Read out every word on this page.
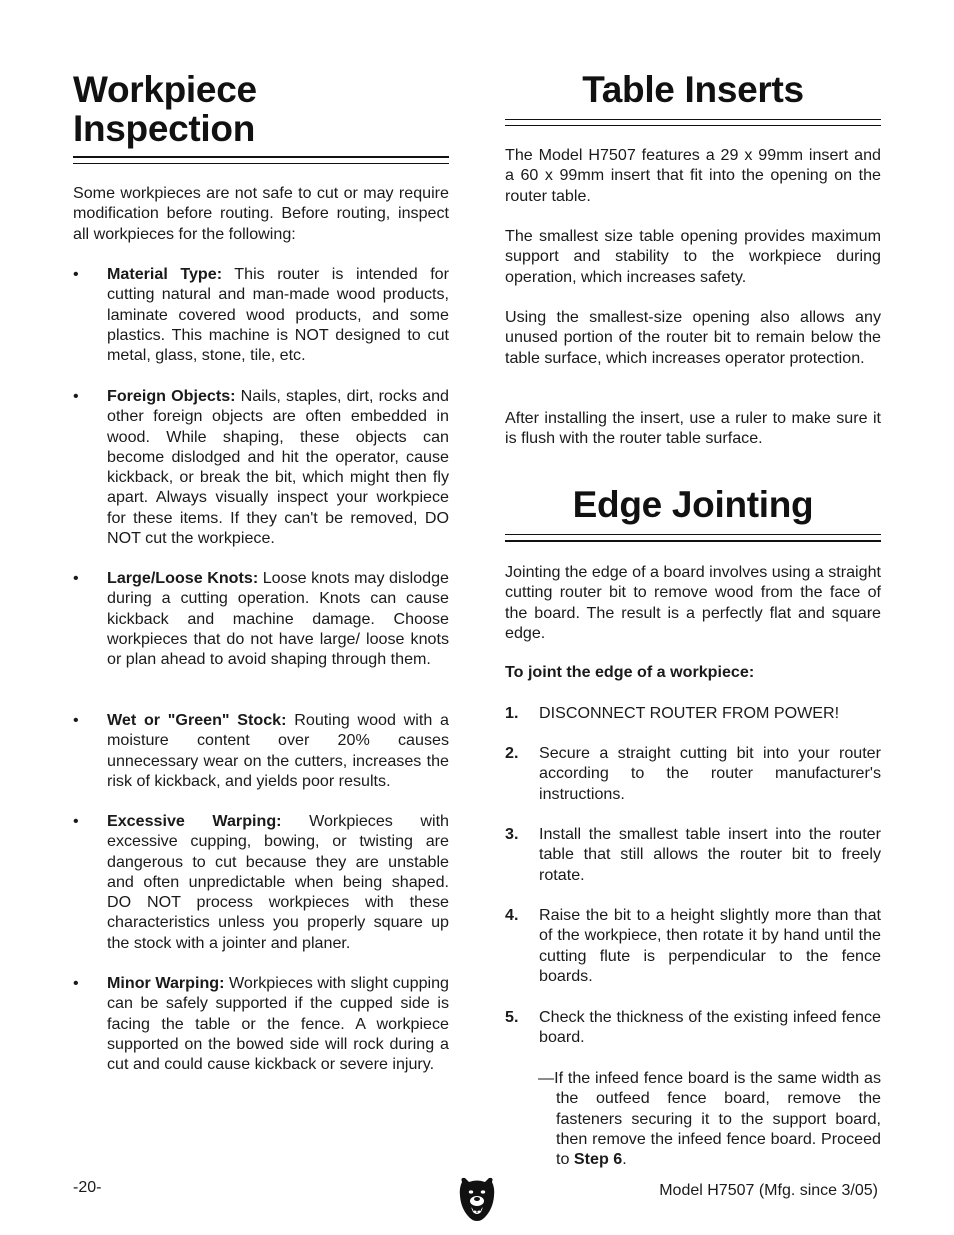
Workpiece
Inspection

Some workpieces are not safe to cut or may require modification before routing. Before routing, inspect all workpieces for the following:

•	Material Type: This router is intended for cutting natural and man-made wood products, laminate covered wood products, and some plastics. This machine is NOT designed to cut metal, glass, stone, tile, etc.
•	Foreign Objects: Nails, staples, dirt, rocks and other foreign objects are often embedded in wood. While shaping, these objects can become dislodged and hit the operator, cause kickback, or break the bit, which might then fly apart. Always visually inspect your workpiece for these items. If they can't be removed, DO NOT cut the workpiece.
•	Large/Loose Knots: Loose knots may dislodge during a cutting operation. Knots can cause kickback and machine damage. Choose workpieces that do not have large/ loose knots or plan ahead to avoid shaping through them.
•	Wet or "Green" Stock: Routing wood with a moisture content over 20% causes unnecessary wear on the cutters, increases the risk of kickback, and yields poor results.
•	Excessive Warping: Workpieces with excessive cupping, bowing, or twisting are dangerous to cut because they are unstable and often unpredictable when being shaped. DO NOT process workpieces with these characteristics unless you properly square up the stock with a jointer and planer.
•	Minor Warping: Workpieces with slight cupping can be safely supported if the cupped side is facing the table or the fence. A workpiece supported on the bowed side will rock during a cut and could cause kickback or severe injury.
Table Inserts

The Model H7507 features a 29 x 99mm insert and a 60 x 99mm insert that fit into the opening on the router table.

The smallest size table opening provides maximum support and stability to the workpiece during operation, which increases safety.

Using the smallest-size opening also allows any unused portion of the router bit to remain below the table surface, which increases operator protection.

After installing the insert, use a ruler to make sure it is flush with the router table surface.

Edge Jointing

Jointing the edge of a board involves using a straight cutting router bit to remove wood from the face of the board. The result is a perfectly flat and square edge.

To joint the edge of a workpiece:

1. DISCONNECT ROUTER FROM POWER!
2. Secure a straight cutting bit into your router according to the router manufacturer's instructions.
3. Install the smallest table insert into the router table that still allows the router bit to freely rotate.
4. Raise the bit to a height slightly more than that of the workpiece, then rotate it by hand until the cutting flute is perpendicular to the fence boards.
5. Check the thickness of the existing infeed fence board.
—If the infeed fence board is the same width as the outfeed fence board, remove the fasteners securing it to the support board, then remove the infeed fence board. Proceed to Step 6.
-20-	Model H7507 (Mfg. since 3/05)
